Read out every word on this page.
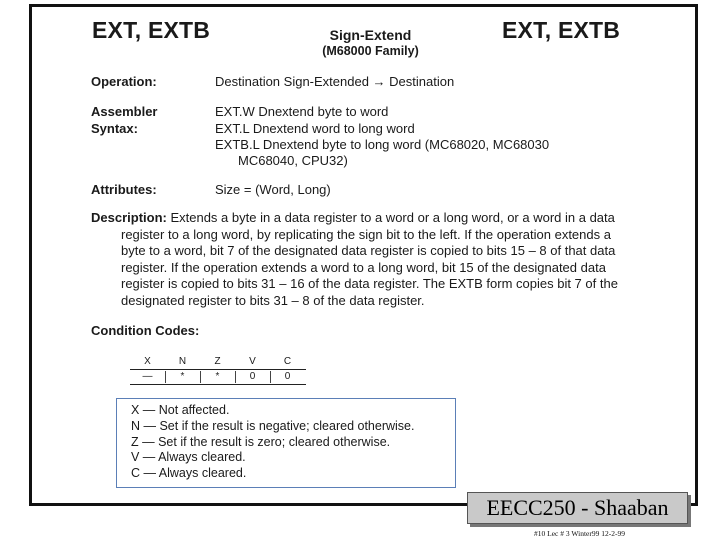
EXT, EXTB	EXT, EXTB
Sign-Extend
(M68000 Family)
Operation:	Destination Sign-Extended → Destination
Assembler
Syntax:
EXT.W Dnextend byte to word
EXT.L Dnextend word to long word
EXTB.L Dnextend byte to long word (MC68020, MC68030
MC68040, CPU32)
Attributes:	Size = (Word, Long)
Description: Extends a byte in a data register to a word or a long word, or a word in a data
register to a long word, by replicating the sign bit to the left. If the operation extends a
byte to a word, bit 7 of the designated data register is copied to bits 15 – 8 of that data
register. If the operation extends a word to a long word, bit 15 of the designated data
register is copied to bits 31 – 16 of the data register. The EXTB form copies bit 7 of the
designated register to bits 31 – 8 of the data register.
Condition Codes:
X	N	Z	V	C
—	*	*	0	0
X — Not affected.
N — Set if the result is negative; cleared otherwise.
Z — Set if the result is zero; cleared otherwise.
V — Always cleared.
C — Always cleared.
EECC250 - Shaaban
#10 Lec # 3 Winter99 12-2-99
